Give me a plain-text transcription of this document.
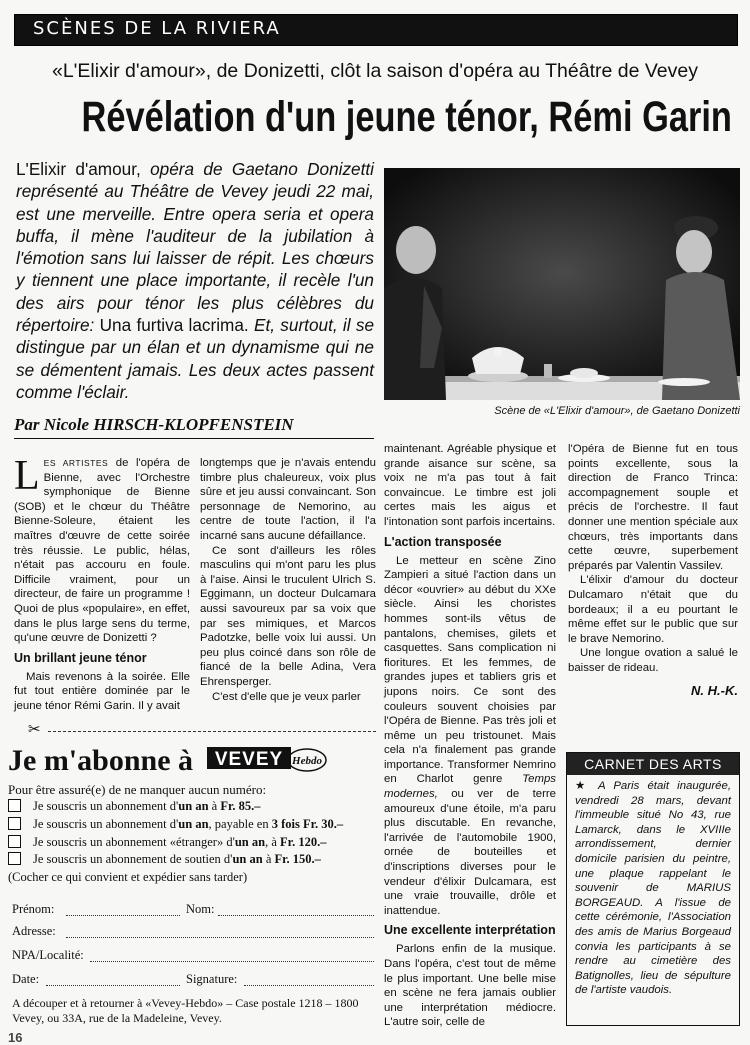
SCÈNES DE LA RIVIERA
«L'Elixir d'amour», de Donizetti, clôt la saison d'opéra au Théâtre de Vevey
Révélation d'un jeune ténor, Rémi Garin

L'Elixir d'amour, opéra de Gaetano Donizetti représenté au Théâtre de Vevey jeudi 22 mai, est une merveille. Entre opera seria et opera buffa, il mène l'auditeur de la jubilation à l'émotion sans lui laisser de répit. Les chœurs y tiennent une place importante, il recèle l'un des airs pour ténor les plus célèbres du répertoire: Una furtiva lacrima. Et, surtout, il se distingue par un élan et un dynamisme qui ne se démentent jamais. Les deux actes passent comme l'éclair.

Scène de «L'Elixir d'amour», de Gaetano Donizetti
Par Nicole HIRSCH-KLOPFENSTEIN

LES ARTISTES de l'opéra de Bienne, avec l'Orchestre symphonique de Bienne (SOB) et le chœur du Théâtre Bienne-Soleure, étaient les maîtres d'œuvre de cette soirée très réussie. Le public, hélas, n'était pas accouru en foule. Difficile vraiment, pour un directeur, de faire un programme ! Quoi de plus «populaire», en effet, dans le plus large sens du terme, qu'une œuvre de Donizetti ?

Un brillant jeune ténor

Mais revenons à la soirée. Elle fut tout entière dominée par le jeune ténor Rémi Garin. Il y avait

longtemps que je n'avais entendu timbre plus chaleureux, voix plus sûre et jeu aussi convaincant. Son personnage de Nemorino, au centre de toute l'action, il l'a incarné sans aucune défaillance.

Ce sont d'ailleurs les rôles masculins qui m'ont paru les plus à l'aise. Ainsi le truculent Ulrich S. Eggimann, un docteur Dulcamara aussi savoureux par sa voix que par ses mimiques, et Marcos Padotzke, belle voix lui aussi. Un peu plus coincé dans son rôle de fiancé de la belle Adina, Vera Ehrensperger.

C'est d'elle que je veux parler

maintenant. Agréable physique et grande aisance sur scène, sa voix ne m'a pas tout à fait convaincue. Le timbre est joli certes mais les aigus et l'intonation sont parfois incertains.

L'action transposée

Le metteur en scène Zino Zampieri a situé l'action dans un décor «ouvrier» au début du XXe siècle. Ainsi les choristes hommes sont-ils vêtus de pantalons, chemises, gilets et casquettes. Sans complication ni fioritures. Et les femmes, de grandes jupes et tabliers gris et jupons noirs. Ce sont des couleurs souvent choisies par l'Opéra de Bienne. Pas très joli et même un peu tristounet. Mais cela n'a finalement pas grande importance. Transformer Nemrino en Charlot genre Temps modernes, ou ver de terre amoureux d'une étoile, m'a paru plus discutable. En revanche, l'arrivée de l'automobile 1900, ornée de bouteilles et d'inscriptions diverses pour le vendeur d'élixir Dulcamara, est une vraie trouvaille, drôle et inattendue.

Une excellente interprétation

Parlons enfin de la musique. Dans l'opéra, c'est tout de même le plus important. Une belle mise en scène ne fera jamais oublier une interprétation médiocre. L'autre soir, celle de

l'Opéra de Bienne fut en tous points excellente, sous la direction de Franco Trinca: accompagnement souple et précis de l'orchestre. Il faut donner une mention spéciale aux chœurs, très importants dans cette œuvre, superbement préparés par Valentin Vassilev.

L'élixir d'amour du docteur Dulcamaro n'était que du bordeaux; il a eu pourtant le même effet sur le public que sur le brave Nemorino.

Une longue ovation a salué le baisser de rideau.

N. H.-K.
CARNET DES ARTS
★ A Paris était inaugurée, vendredi 28 mars, devant l'immeuble situé No 43, rue Lamarck, dans le XVIIIe arrondissement, dernier domicile parisien du peintre, une plaque rappelant le souvenir de MARIUS BORGEAUD. A l'issue de cette cérémonie, l'Association des amis de Marius Borgeaud convia les participants à se rendre au cimetière des Batignolles, lieu de sépulture de l'artiste vaudois.
✂
Je m'abonne à VEVEY Hebdo
Pour être assuré(e) de ne manquer aucun numéro:
Je souscris un abonnement d'un an à Fr. 85.–
Je souscris un abonnement d'un an, payable en 3 fois Fr. 30.–
Je souscris un abonnement «étranger» d'un an, à Fr. 120.–
Je souscris un abonnement de soutien d'un an à Fr. 150.–
(Cocher ce qui convient et expédier sans tarder)
Prénom:	Nom:
Adresse:
NPA/Localité:
Date:	Signature:
A découper et à retourner à «Vevey-Hebdo» – Case postale 1218 – 1800 Vevey, ou 33A, rue de la Madeleine, Vevey.
16
